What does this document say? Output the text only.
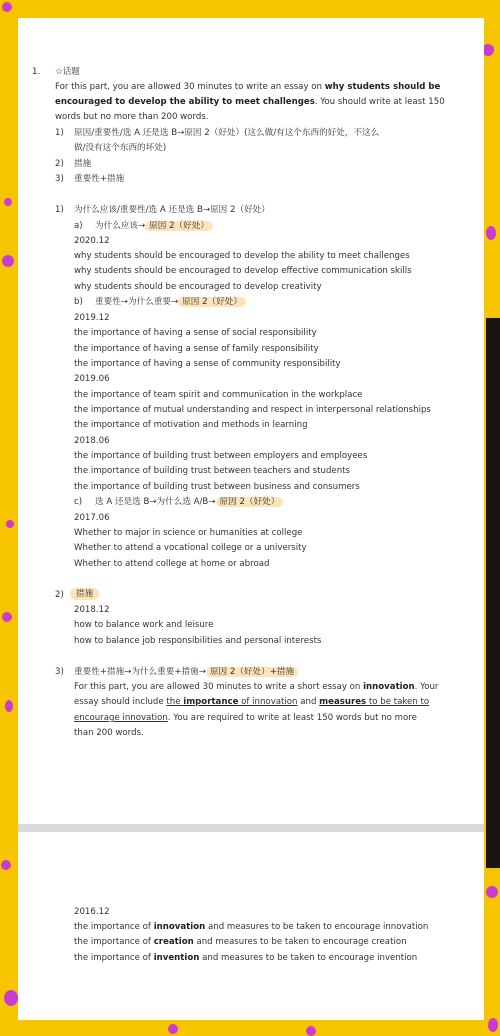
1. ☆话题
For this part, you are allowed 30 minutes to write an essay on why students should be
encouraged to develop the ability to meet challenges. You should write at least 150
words but no more than 200 words.
1) 原因/重要性/选 A 还是选 B→原因 2（好处）(这么做/有这个东西的好处，不这么
做/没有这个东西的坏处)
2) 措施
3) 重要性+措施
1) 为什么应该/重要性/选 A 还是选 B→原因 2（好处）
a) 为什么应该→ 原因 2（好处）
2020.12
why students should be encouraged to develop the ability to meet challenges
why students should be encouraged to develop effective communication skills
why students should be encouraged to develop creativity
b) 重要性→为什么重要→ 原因 2（好处）
2019.12
the importance of having a sense of social responsibility
the importance of having a sense of family responsibility
the importance of having a sense of community responsibility
2019.06
the importance of team spirit and communication in the workplace
the importance of mutual understanding and respect in interpersonal relationships
the importance of motivation and methods in learning
2018.06
the importance of building trust between employers and employees
the importance of building trust between teachers and students
the importance of building trust between business and consumers
c) 选 A 还是选 B→为什么选 A/B→ 原因 2（好处）
2017.06
Whether to major in science or humanities at college
Whether to attend a vocational college or a university
Whether to attend college at home or abroad
2)	措施
2018.12
how to balance work and leisure
how to balance job responsibilities and personal interests
3) 重要性+措施→为什么重要+措施→ 原因 2（好处）+措施
For this part, you are allowed 30 minutes to write a short essay on innovation. Your
essay should include the importance of innovation and measures to be taken to
encourage innovation. You are required to write at least 150 words but no more
than 200 words.
2016.12
the importance of innovation and measures to be taken to encourage innovation
the importance of creation and measures to be taken to encourage creation
the importance of invention and measures to be taken to encourage invention
